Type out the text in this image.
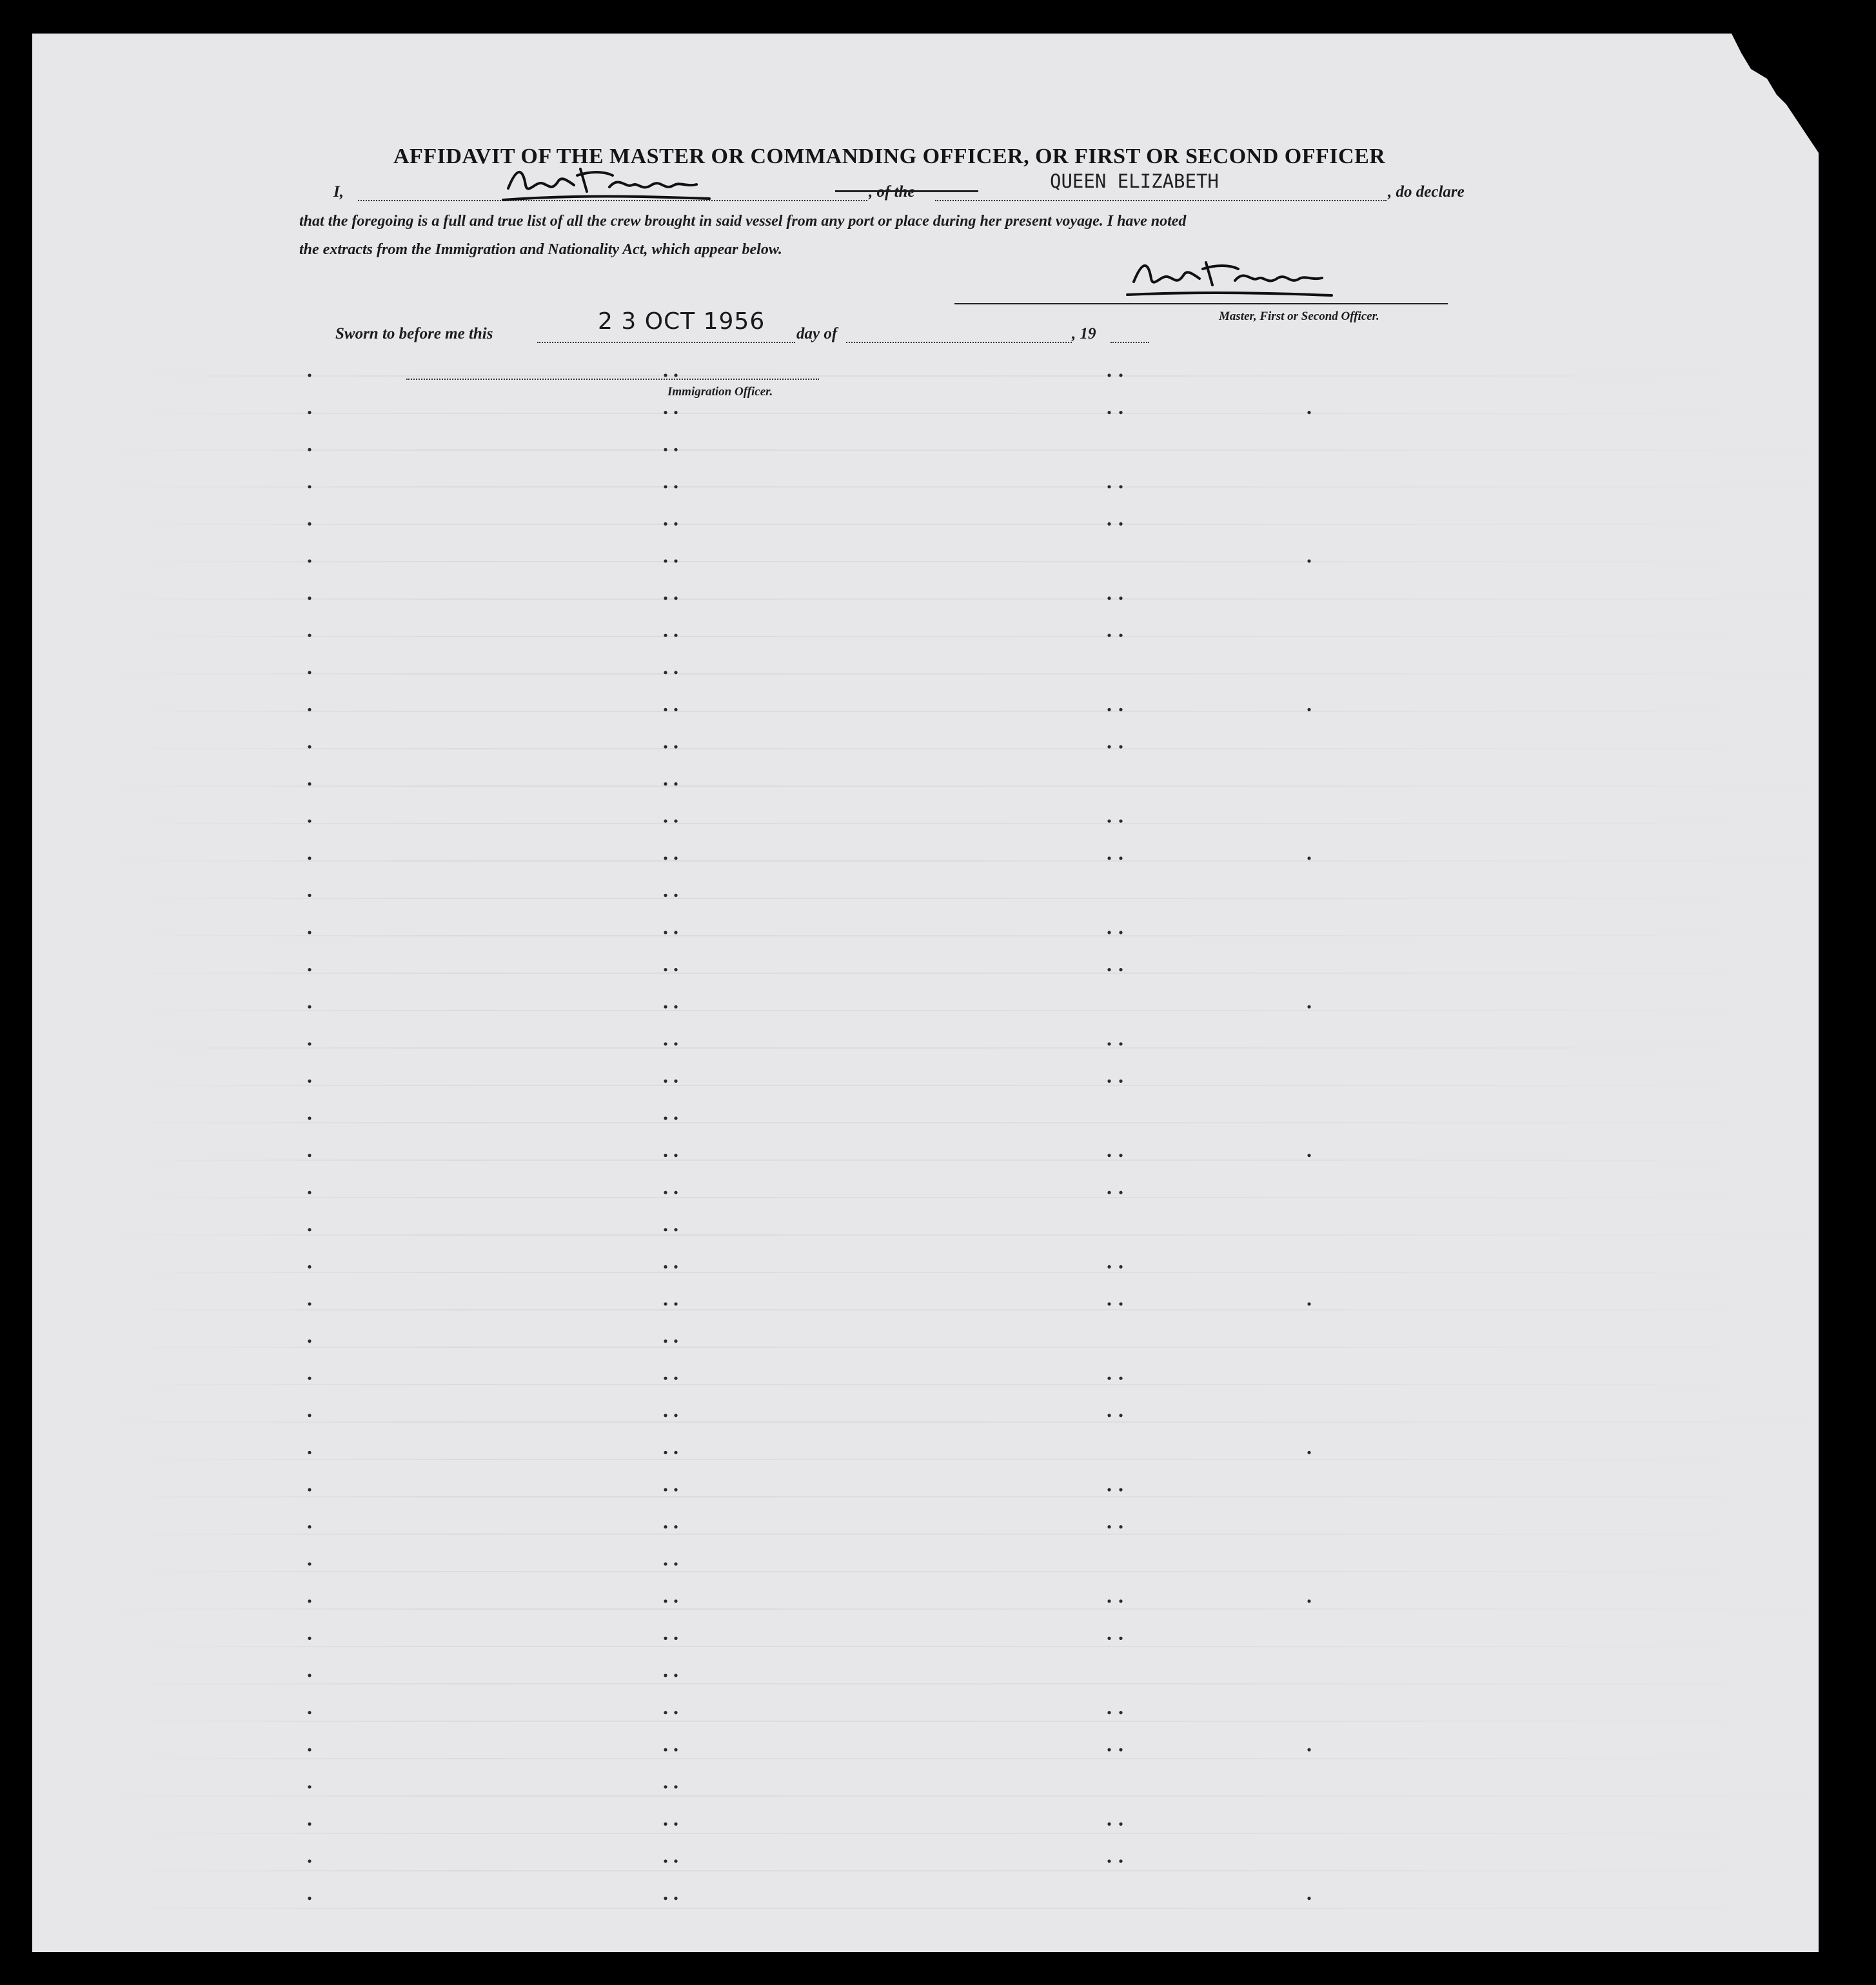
AFFIDAVIT OF THE MASTER OR COMMANDING OFFICER, OR FIRST OR SECOND OFFICER
I,	, of the	QUEEN ELIZABETH	, do declare
that the foregoing is a full and true list of all the crew brought in said vessel from any port or place during her present voyage. I have noted
the extracts from the Immigration and Nationality Act, which appear below.
Master, First or Second Officer.
Sworn to before me this	2 3 OCT 1956 day of	, 19
Immigration Officer.
